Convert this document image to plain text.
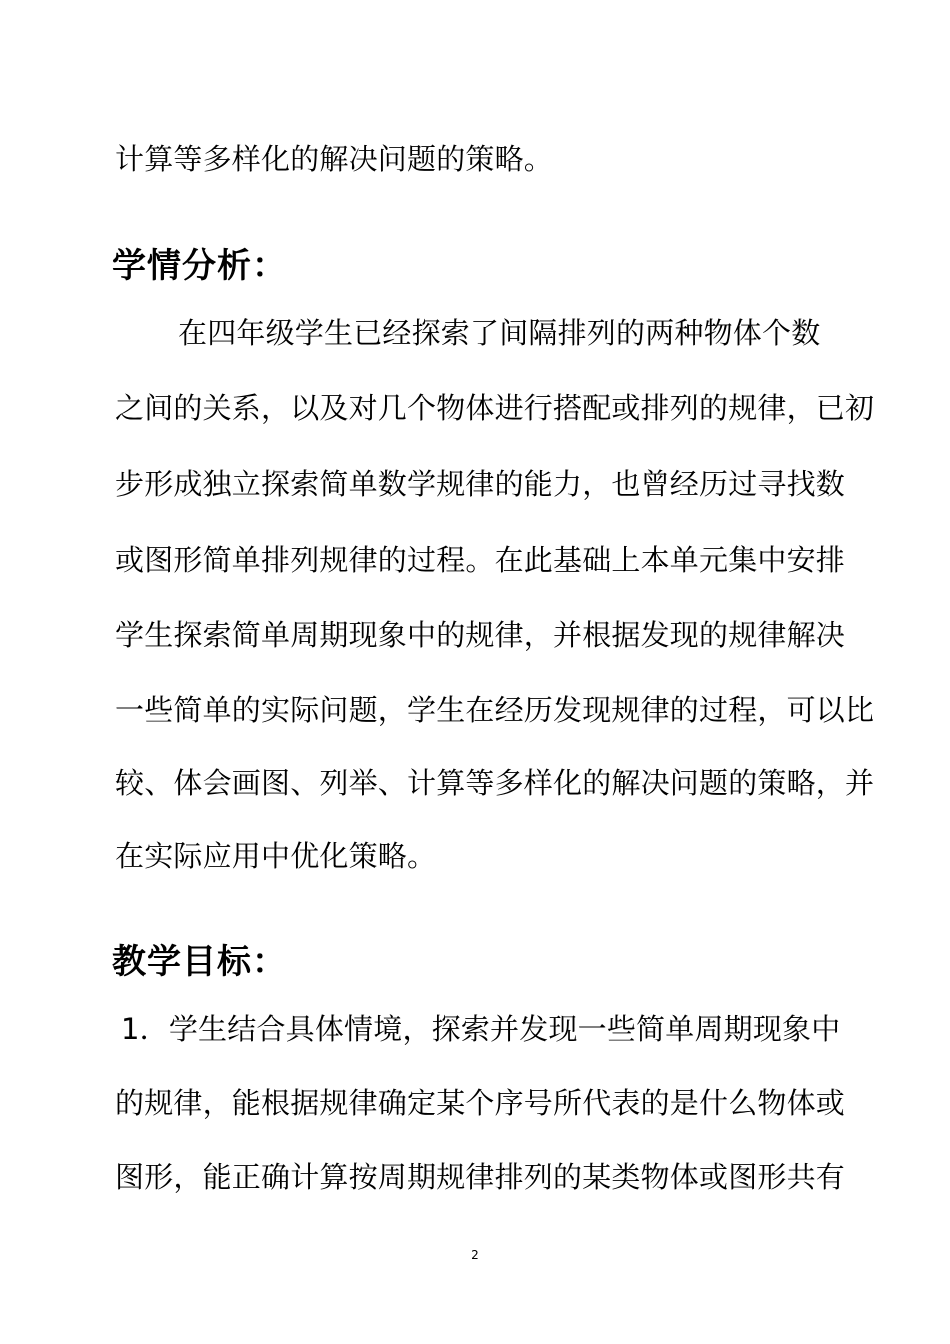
计算等多样化的解决问题的策略。
学情分析：
在四年级学生已经探索了间隔排列的两种物体个数
之间的关系，以及对几个物体进行搭配或排列的规律，已初
步形成独立探索简单数学规律的能力，也曾经历过寻找数
或图形简单排列规律的过程。在此基础上本单元集中安排
学生探索简单周期现象中的规律，并根据发现的规律解决
一些简单的实际问题，学生在经历发现规律的过程，可以比
较、体会画图、列举、计算等多样化的解决问题的策略，并
在实际应用中优化策略。
教学目标：
1．学生结合具体情境，探索并发现一些简单周期现象中
的规律，能根据规律确定某个序号所代表的是什么物体或
图形，能正确计算按周期规律排列的某类物体或图形共有
2
